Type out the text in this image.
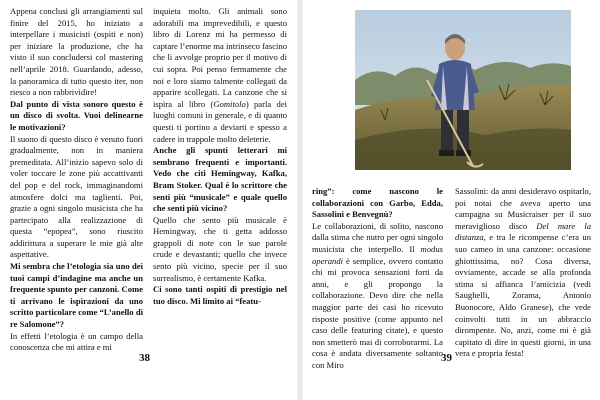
Appena conclusi gli arrangiamenti sul finire del 2015, ho iniziato a interpellare i musicisti (ospiti e non) per iniziare la produzione, che ha visto il suo concludersi col mastering nell’aprile 2018. Guardando, adesso, la panoramica di tutto questo iter, non riesco a non rabbrividire!

Dal punto di vista sonoro questo è un disco di svolta. Vuoi delinearne le motivazioni?

Il suono di questo disco è venuto fuori gradualmente, non in maniera premeditata. All’inizio sapevo solo di voler toccare le zone più accattivanti del pop e del rock, immaginandomi atmosfere dolci ma taglienti. Poi, grazie a ogni singolo musicista che ha partecipato alla realizzazione di questa “epopea”, sono riuscito addirittura a superare le mie già alte aspettative.

Mi sembra che l’etologia sia uno dei tuoi campi d’indagine ma anche un frequente spunto per canzoni. Come ti arrivano le ispirazioni da uno scritto particolare come “L’anello di re Salomone”?

In effetti l’etologia è un campo della conoscenza che mi attira e mi

inquieta molto. Gli animali sono adorabili ma imprevedibili, e questo libro di Lorenz mi ha permesso di captare l’enorme ma intrinseco fascino che li avvolge proprio per il motivo di cui sopra. Poi penso fermamente che noi e loro siamo talmente collegati da apparire scollegati. La canzone che si ispira al libro (Gomitolo) parla dei luoghi comuni in generale, e di quanto questi ti portino a deviarti e spesso a cadere in trappole molto deleterie.

Anche gli spunti letterari mi sembrano frequenti e importanti. Vedo che citi Hemingway, Kafka, Bram Stoker. Qual è lo scrittore che senti più “musicale” e quale quello che senti più vicino?

Quello che sento più musicale è Hemingway, che ti getta addosso grappoli di note con le sue parole crude e devastanti; quello che invece sento più vicino, specie per il suo surrealismo, è certamente Kafka.

Ci sono tanti ospiti di prestigio nel tuo disco. Mi limito ai “featu-

38

ring”: come nascono le collaborazioni con Garbo, Edda, Sassolini e Benvegnù?

Le collaborazioni, di solito, nascono dalla stima che nutro per ogni singolo musicista che interpello. Il modus operandi è semplice, ovvero contatto chi mi provoca sensazioni forti da anni, e gli propongo la collaborazione. Devo dire che nella maggior parte dei casi ho ricevuto risposte positive (come appunto nel caso delle featuring citate), e questo non smetterò mai di corroborarmi. La cosa è andata diversamente soltanto con Miro

Sassolini: da anni desideravo ospitarlo, poi notai che aveva aperto una campagna su Musicraiser per il suo meraviglioso disco Del mare la distanza, e tra le ricompense c’era un suo cameo in una canzone: occasione ghiottissima, no? Cosa diversa, ovviamente, accade se alla profonda stima si affianca l’amicizia (vedi Saughelli, Zorama, Antonio Buonocore, Aldo Granese), che vede coinvolti tutti in un abbraccio dirompente. No, anzi, come mi è già capitato di dire in questi giorni, in una vera e propria festa!

39
